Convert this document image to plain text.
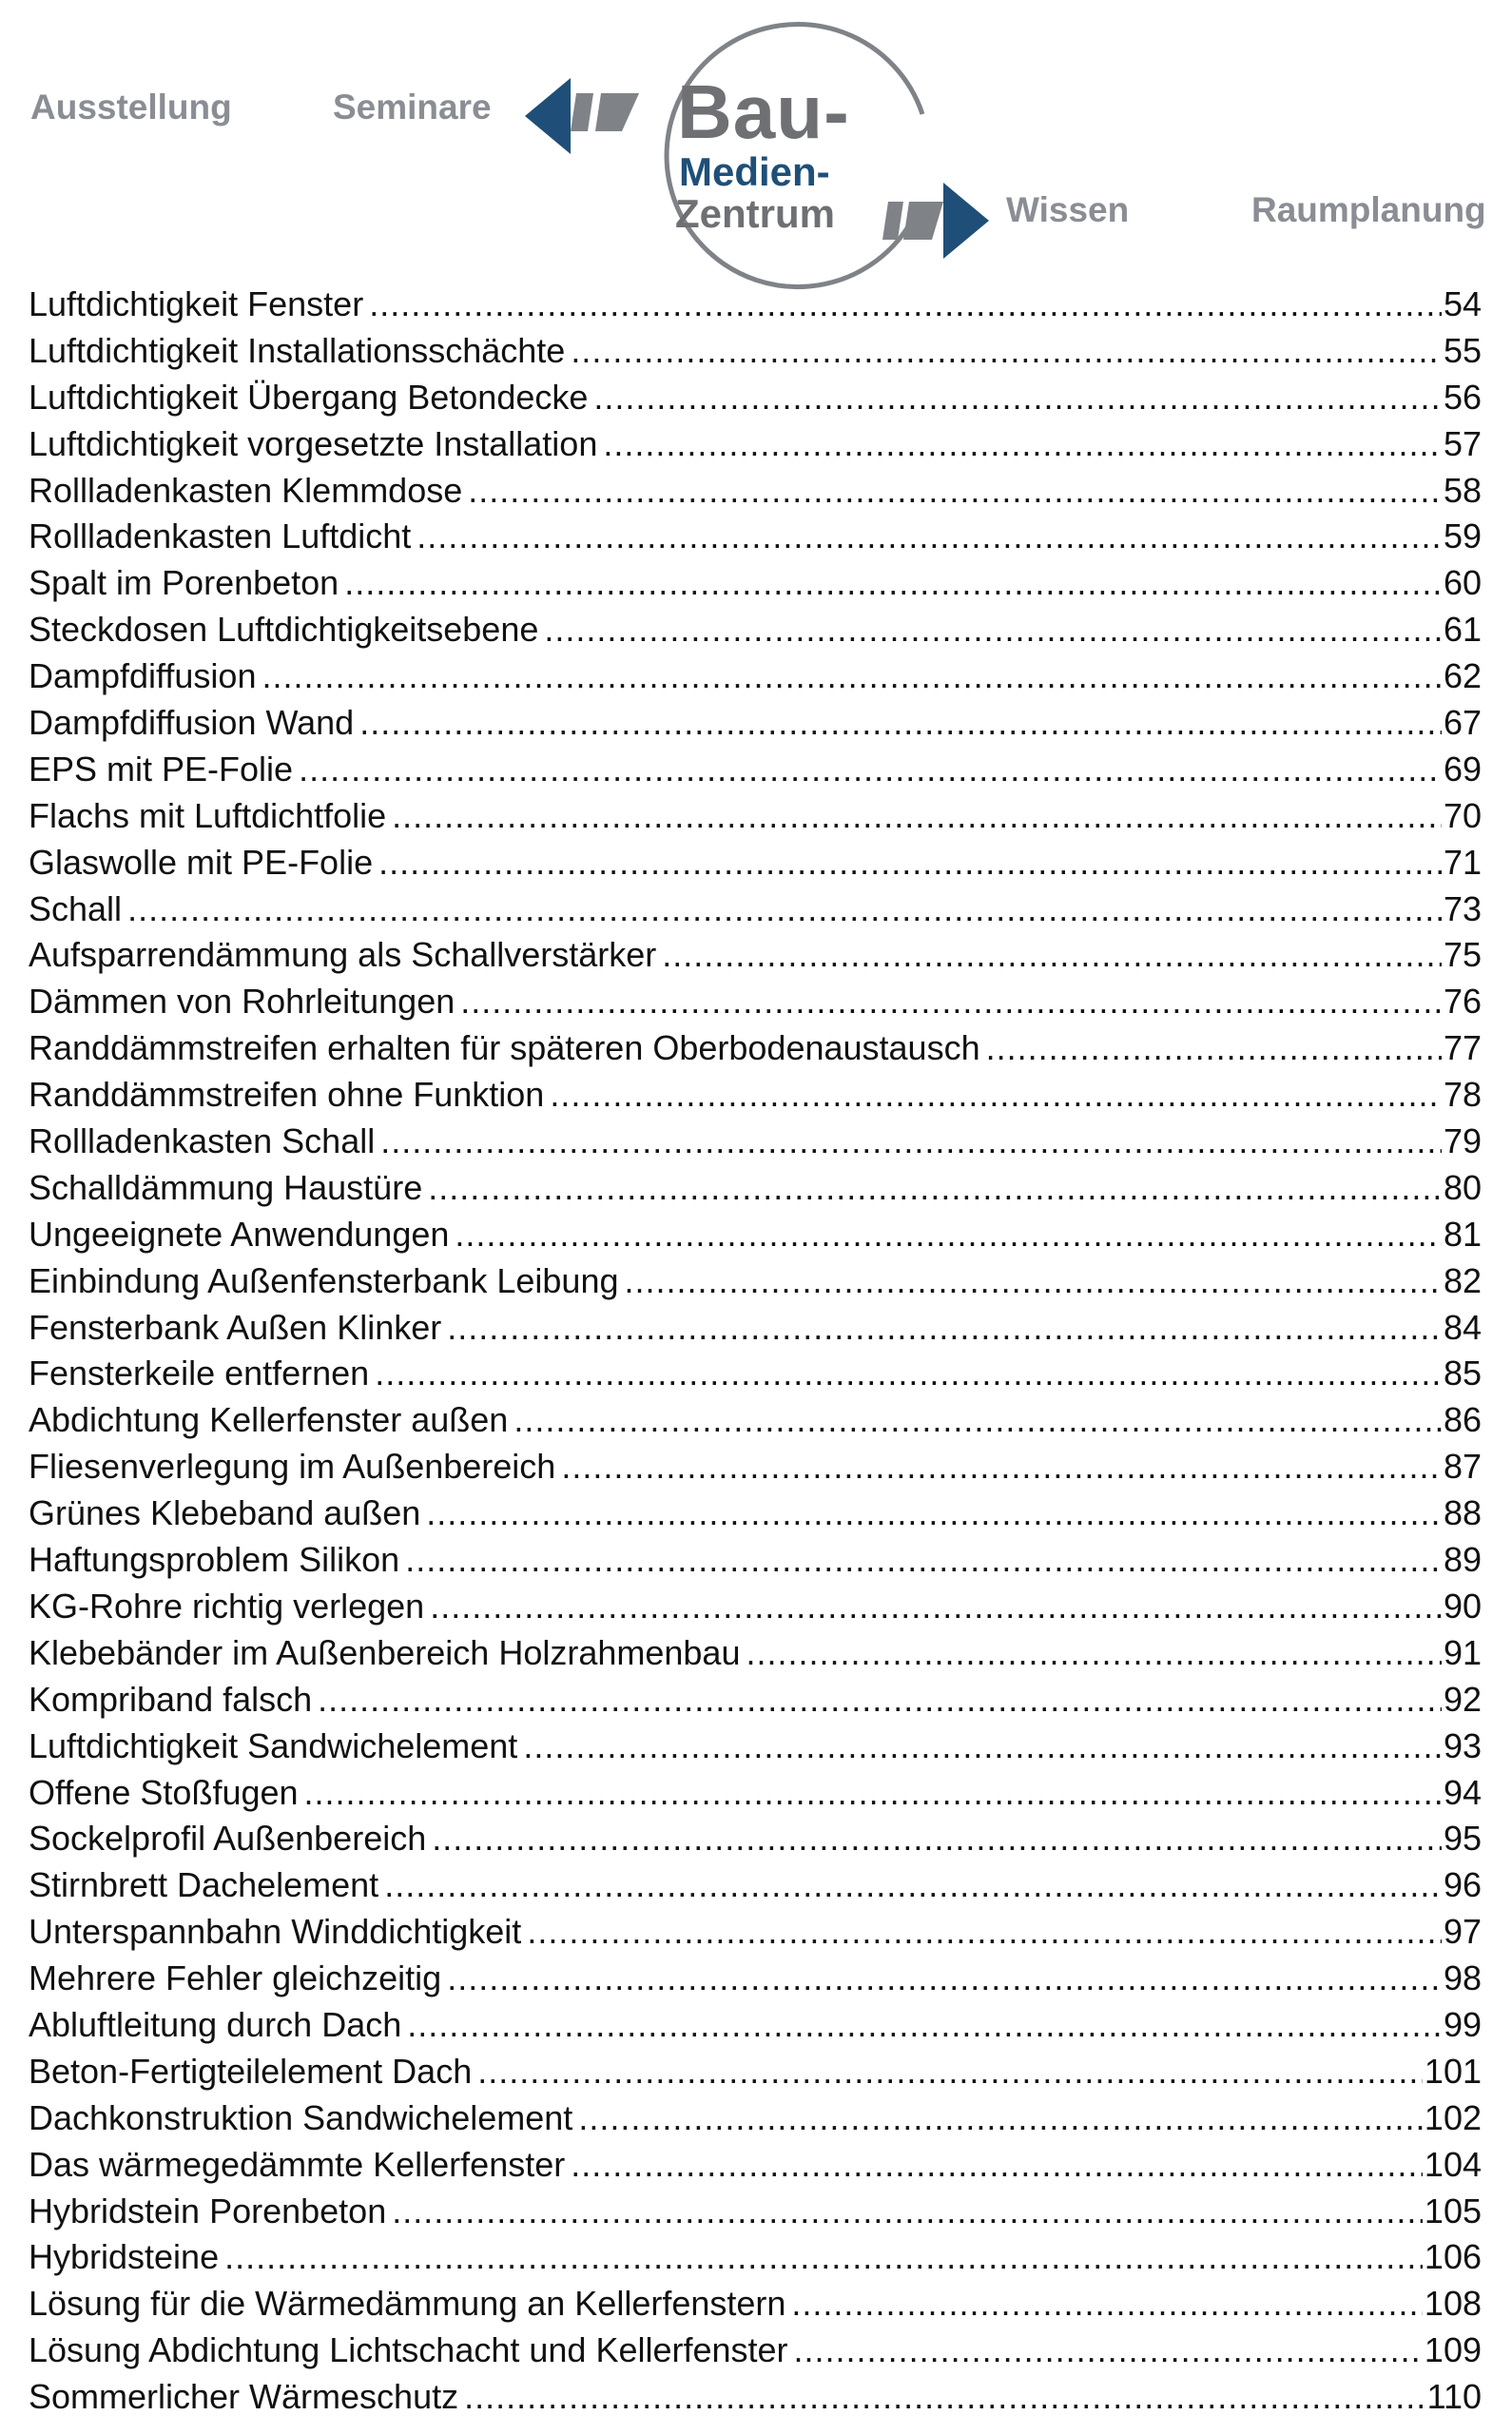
Ausstellung	Seminare Bau-
Medien-
Zentrum	Wissen	Raumplanung
Luftdichtigkeit Fenster .....	54
Luftdichtigkeit Installationsschächte .....	55
Luftdichtigkeit Übergang Betondecke .....	56
Luftdichtigkeit vorgesetzte Installation .....	57
Rollladenkasten Klemmdose .....	58
Rollladenkasten Luftdicht .....	59
Spalt im Porenbeton .....	60
Steckdosen Luftdichtigkeitsebene .....	61
Dampfdiffusion .....	62
Dampfdiffusion Wand .....	67
EPS mit PE-Folie .....	69
Flachs mit Luftdichtfolie .....	70
Glaswolle mit PE-Folie .....	71
Schall .....	73
Aufsparrendämmung als Schallverstärker .....	75
Dämmen von Rohrleitungen .....	76
Randdämmstreifen erhalten für späteren Oberbodenaustausch .....	77
Randdämmstreifen ohne Funktion .....	78
Rollladenkasten Schall .....	79
Schalldämmung Haustüre .....	80
Ungeeignete Anwendungen .....	81
Einbindung Außenfensterbank Leibung .....	82
Fensterbank Außen Klinker .....	84
Fensterkeile entfernen .....	85
Abdichtung Kellerfenster außen .....	86
Fliesenverlegung im Außenbereich .....	87
Grünes Klebeband außen .....	88
Haftungsproblem Silikon .....	89
KG-Rohre richtig verlegen .....	90
Klebebänder im Außenbereich Holzrahmenbau .....	91
Kompriband falsch .....	92
Luftdichtigkeit Sandwichelement .....	93
Offene Stoßfugen .....	94
Sockelprofil Außenbereich .....	95
Stirnbrett Dachelement .....	96
Unterspannbahn Winddichtigkeit .....	97
Mehrere Fehler gleichzeitig .....	98
Abluftleitung durch Dach .....	99
Beton-Fertigteilelement Dach .....	101
Dachkonstruktion Sandwichelement .....	102
Das wärmegedämmte Kellerfenster .....	104
Hybridstein Porenbeton .....	105
Hybridsteine .....	106
Lösung für die Wärmedämmung an Kellerfenstern .....	108
Lösung Abdichtung Lichtschacht und Kellerfenster .....	109
Sommerlicher Wärmeschutz .....	110
